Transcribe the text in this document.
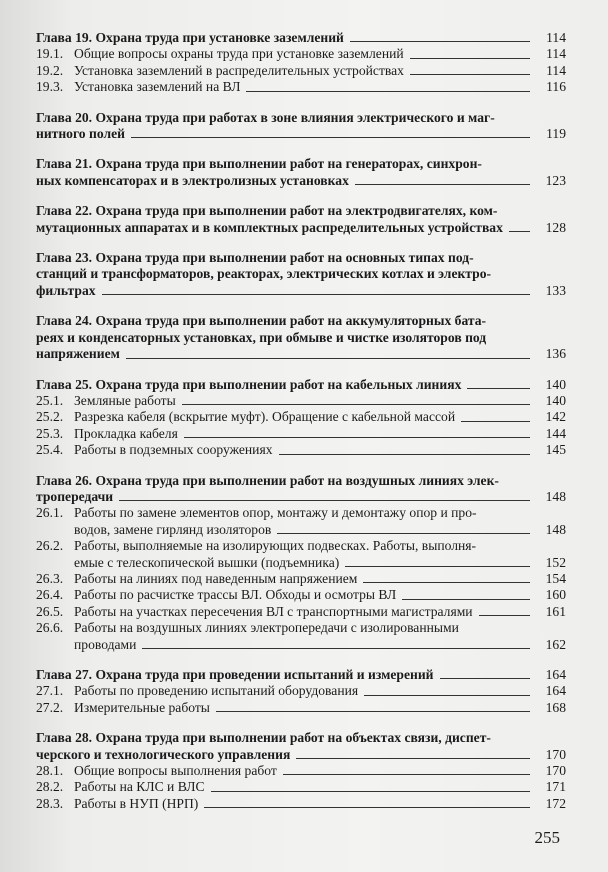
Глава 19. Охрана труда при установке заземлений	114
19.1. Общие вопросы охраны труда при установке заземлений	114
19.2. Установка заземлений в распределительных устройствах	114
19.3. Установка заземлений на ВЛ	116
Глава 20. Охрана труда при работах в зоне влияния электрического и маг-
нитного полей	119
Глава 21. Охрана труда при выполнении работ на генераторах, синхрон-
ных компенсаторах и в электролизных установках	123
Глава 22. Охрана труда при выполнении работ на электродвигателях, ком-
мутационных аппаратах и в комплектных распределительных устройствах	128
Глава 23. Охрана труда при выполнении работ на основных типах под-
станций и трансформаторов, реакторах, электрических котлах и электро-
фильтрах	133
Глава 24. Охрана труда при выполнении работ на аккумуляторных бата-
реях и конденсаторных установках, при обмыве и чистке изоляторов под
напряжением	136
Глава 25. Охрана труда при выполнении работ на кабельных линиях	140
25.1. Земляные работы	140
25.2. Разрезка кабеля (вскрытие муфт). Обращение с кабельной массой	142
25.3. Прокладка кабеля	144
25.4. Работы в подземных сооружениях	145
Глава 26. Охрана труда при выполнении работ на воздушных линиях элек-
тропередачи	148
26.1. Работы по замене элементов опор, монтажу и демонтажу опор и про-
водов, замене гирлянд изоляторов	148
26.2. Работы, выполняемые на изолирующих подвесках. Работы, выполня-
емые с телескопической вышки (подъемника)	152
26.3. Работы на линиях под наведенным напряжением	154
26.4. Работы по расчистке трассы ВЛ. Обходы и осмотры ВЛ	160
26.5. Работы на участках пересечения ВЛ с транспортными магистралями	161
26.6. Работы на воздушных линиях электропередачи с изолированными
проводами	162
Глава 27. Охрана труда при проведении испытаний и измерений	164
27.1. Работы по проведению испытаний оборудования	164
27.2. Измерительные работы	168
Глава 28. Охрана труда при выполнении работ на объектах связи, диспет-
черского и технологического управления	170
28.1. Общие вопросы выполнения работ	170
28.2. Работы на КЛС и ВЛС	171
28.3. Работы в НУП (НРП)	172
255
